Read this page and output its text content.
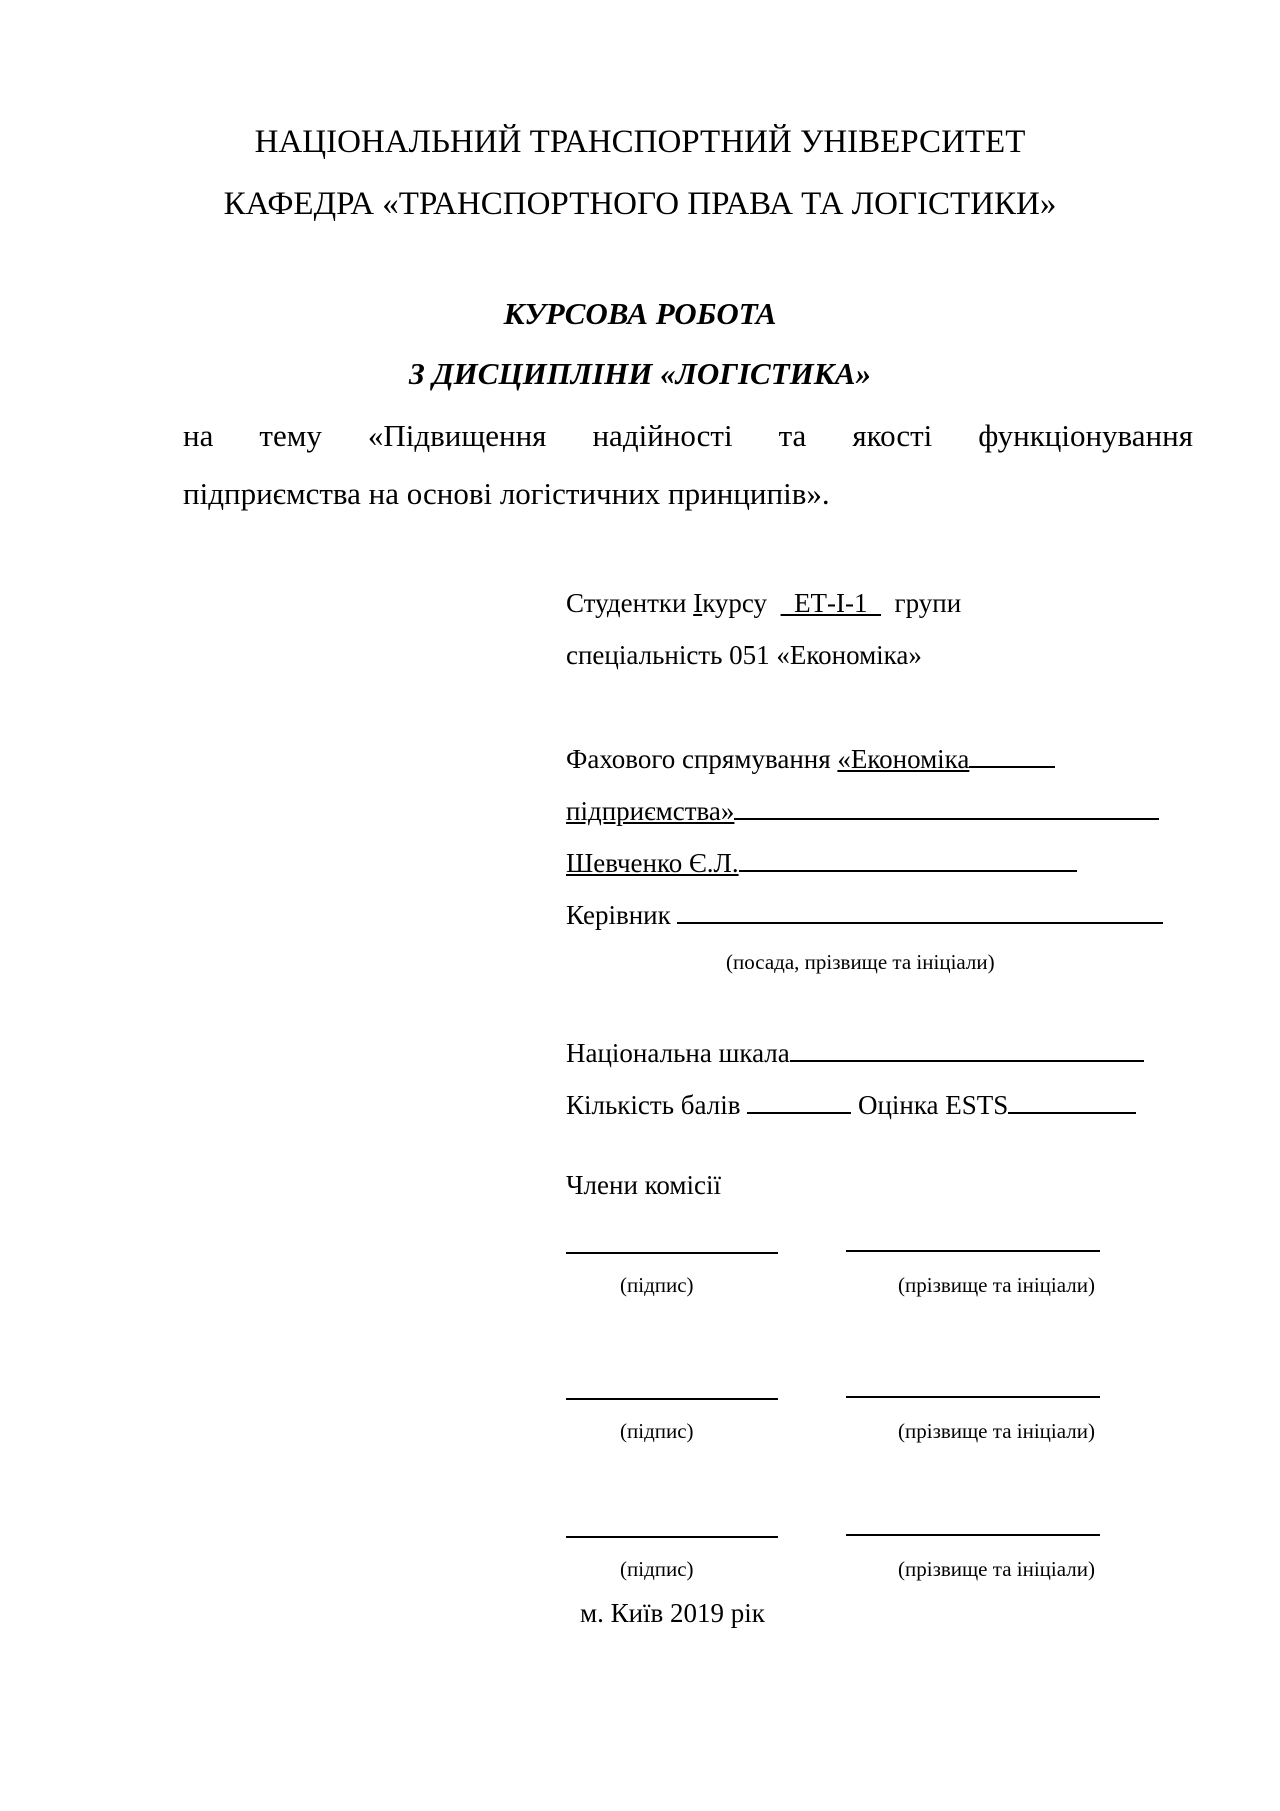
НАЦІОНАЛЬНИЙ ТРАНСПОРТНИЙ УНІВЕРСИТЕТ
КАФЕДРА «ТРАНСПОРТНОГО ПРАВА ТА ЛОГІСТИКИ»
КУРСОВА РОБОТА
З ДИСЦИПЛІНИ «ЛОГІСТИКА»
на тему «Підвищення надійності та якості функціонування
підприємства на основі логістичних принципів».
Студентки Iкурсу    ЕТ-І-1    групи
спеціальність 051 «Економіка»
Фахового спрямування «Економіка
підприємства»
Шевченко Є.Л.
Керівник
(посада, прізвище та ініціали)
Національна шкала
Кількість балів	Оцінка ESTS
Члени комісії
(підпис)	(прізвище та ініціали)
(підпис)	(прізвище та ініціали)
(підпис)	(прізвище та ініціали)
м. Київ 2019 рік
